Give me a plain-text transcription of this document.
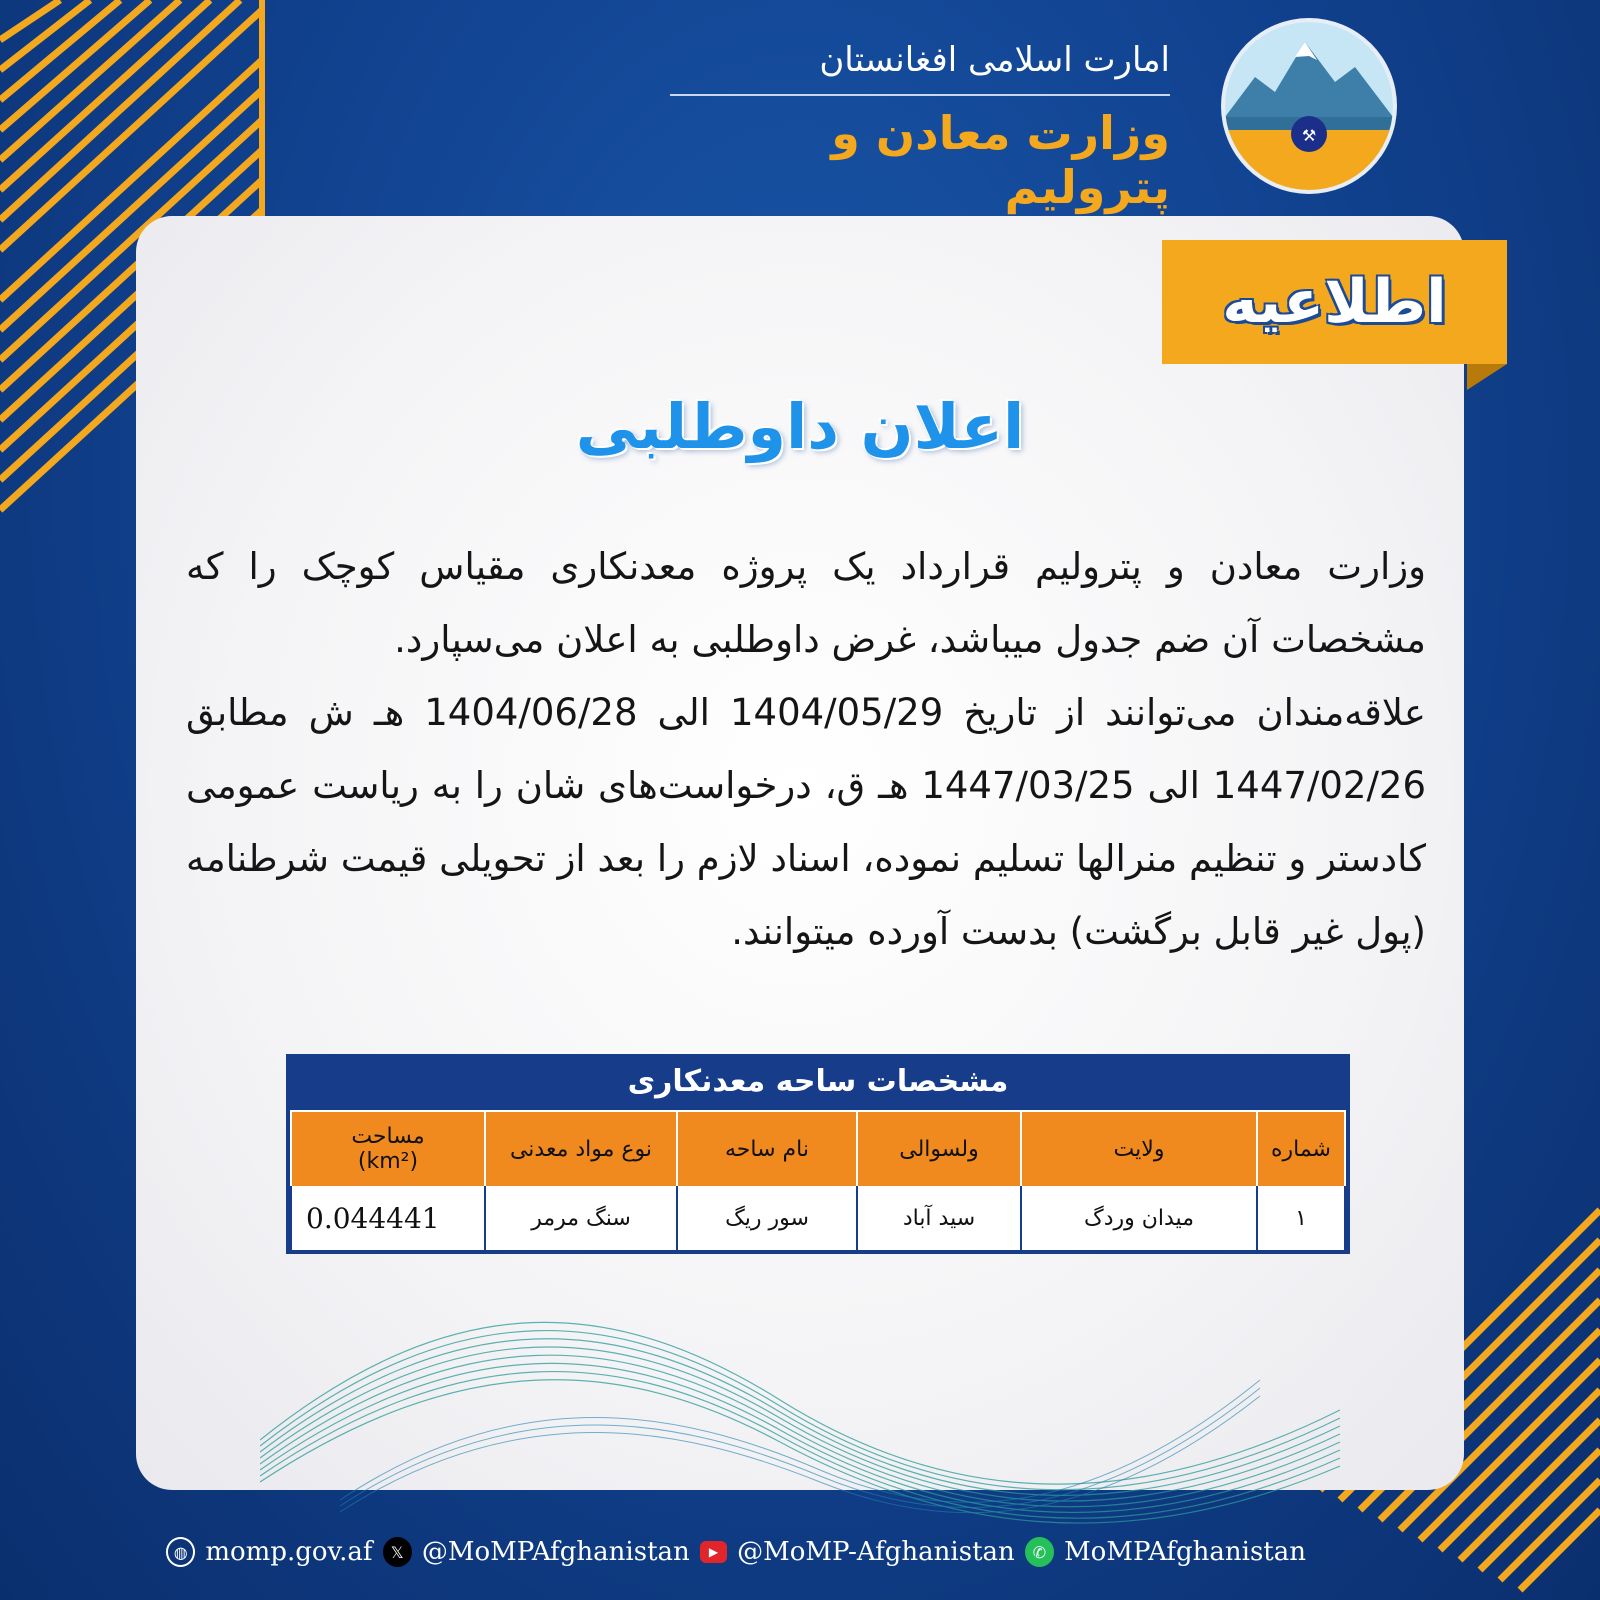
⚒
امارت اسلامی افغانستان
وزارت معادن و پترولیم
اطلاعیه
اعلان داوطلبی

وزارت معادن و پترولیم قرارداد یک پروژه معدنکاری مقیاس کوچک را که مشخصات آن ضم جدول میباشد، غرض داوطلبی به اعلان می‌سپارد.

علاقه‌مندان می‌توانند از تاریخ 1404/05/29 الی 1404/06/28 هـ ش مطابق 1447/02/26 الی 1447/03/25 هـ ق، درخواست‌های شان را به ریاست عمومی کادستر و تنظیم منرالها تسلیم نموده، اسناد لازم را بعد از تحویلی قیمت شرطنامه (پول غیر قابل برگشت) بدست آورده میتوانند.

مشخصات ساحه معدنکاری
شماره	ولایت	ولسوالی	نام ساحه	نوع مواد معدنی	مساحت
(km²)

١	میدان وردگ	سید آباد	سور ریگ	سنگ مرمر	0.044441
◍ momp.gov.af	𝕏 @MoMPAfghanistan	▶ @MoMP-Afghanistan	✆ MoMPAfghanistan
